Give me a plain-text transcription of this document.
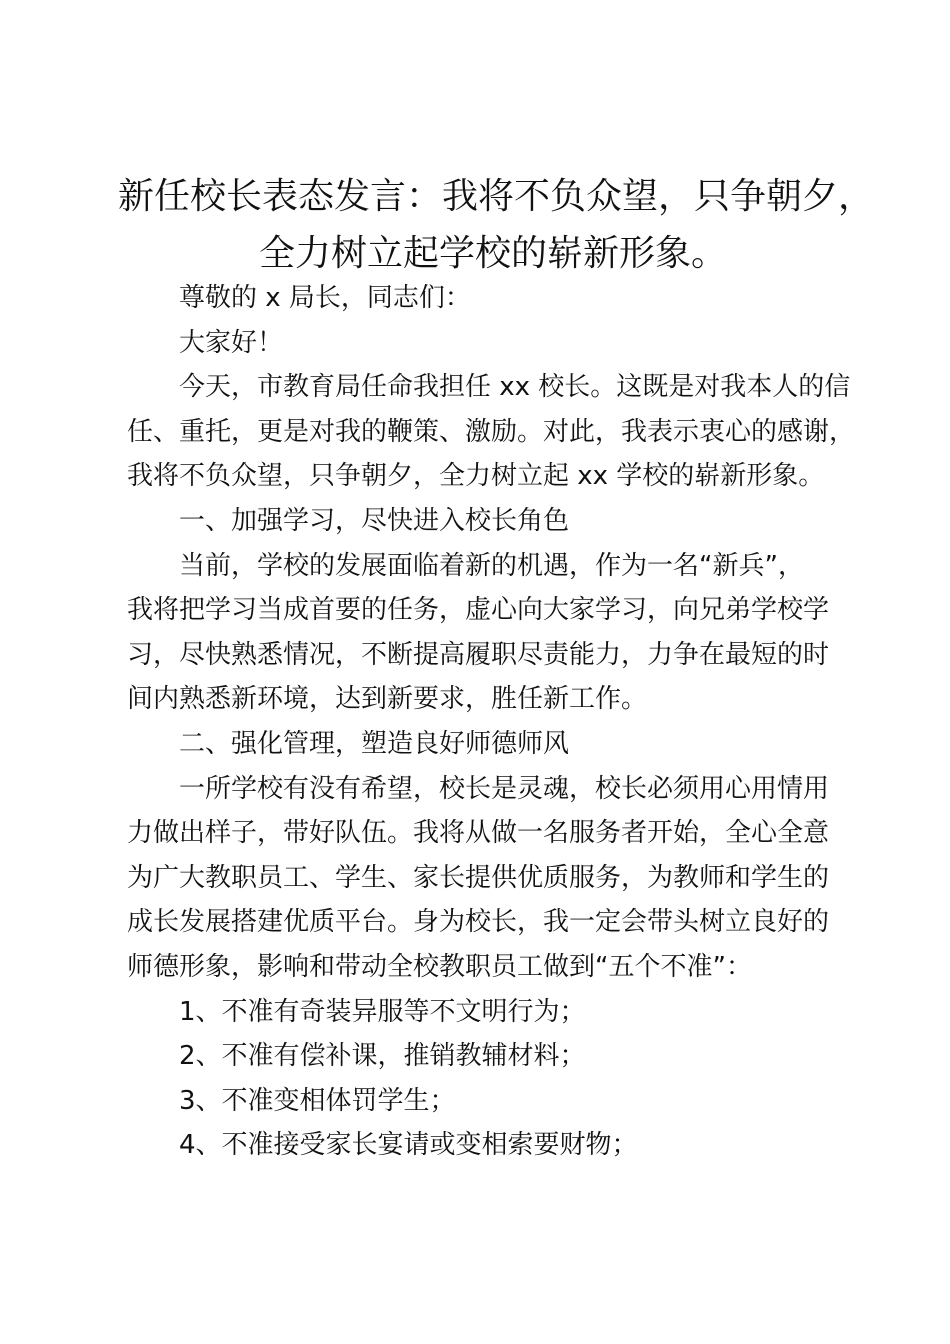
新任校长表态发言：我将不负众望，只争朝夕，
全力树立起学校的崭新形象。
尊敬的 x 局长，同志们：
大家好！
今天，市教育局任命我担任 xx 校长。这既是对我本人的信
任、重托，更是对我的鞭策、激励。对此，我表示衷心的感谢，
我将不负众望，只争朝夕，全力树立起 xx 学校的崭新形象。
一、加强学习，尽快进入校长角色
当前，学校的发展面临着新的机遇，作为一名“新兵”，
我将把学习当成首要的任务，虚心向大家学习，向兄弟学校学
习，尽快熟悉情况，不断提高履职尽责能力，力争在最短的时
间内熟悉新环境，达到新要求，胜任新工作。
二、强化管理，塑造良好师德师风
一所学校有没有希望，校长是灵魂，校长必须用心用情用
力做出样子，带好队伍。我将从做一名服务者开始，全心全意
为广大教职员工、学生、家长提供优质服务，为教师和学生的
成长发展搭建优质平台。身为校长，我一定会带头树立良好的
师德形象，影响和带动全校教职员工做到“五个不准”：
1、不准有奇装异服等不文明行为；
2、不准有偿补课，推销教辅材料；
3、不准变相体罚学生；
4、不准接受家长宴请或变相索要财物；
